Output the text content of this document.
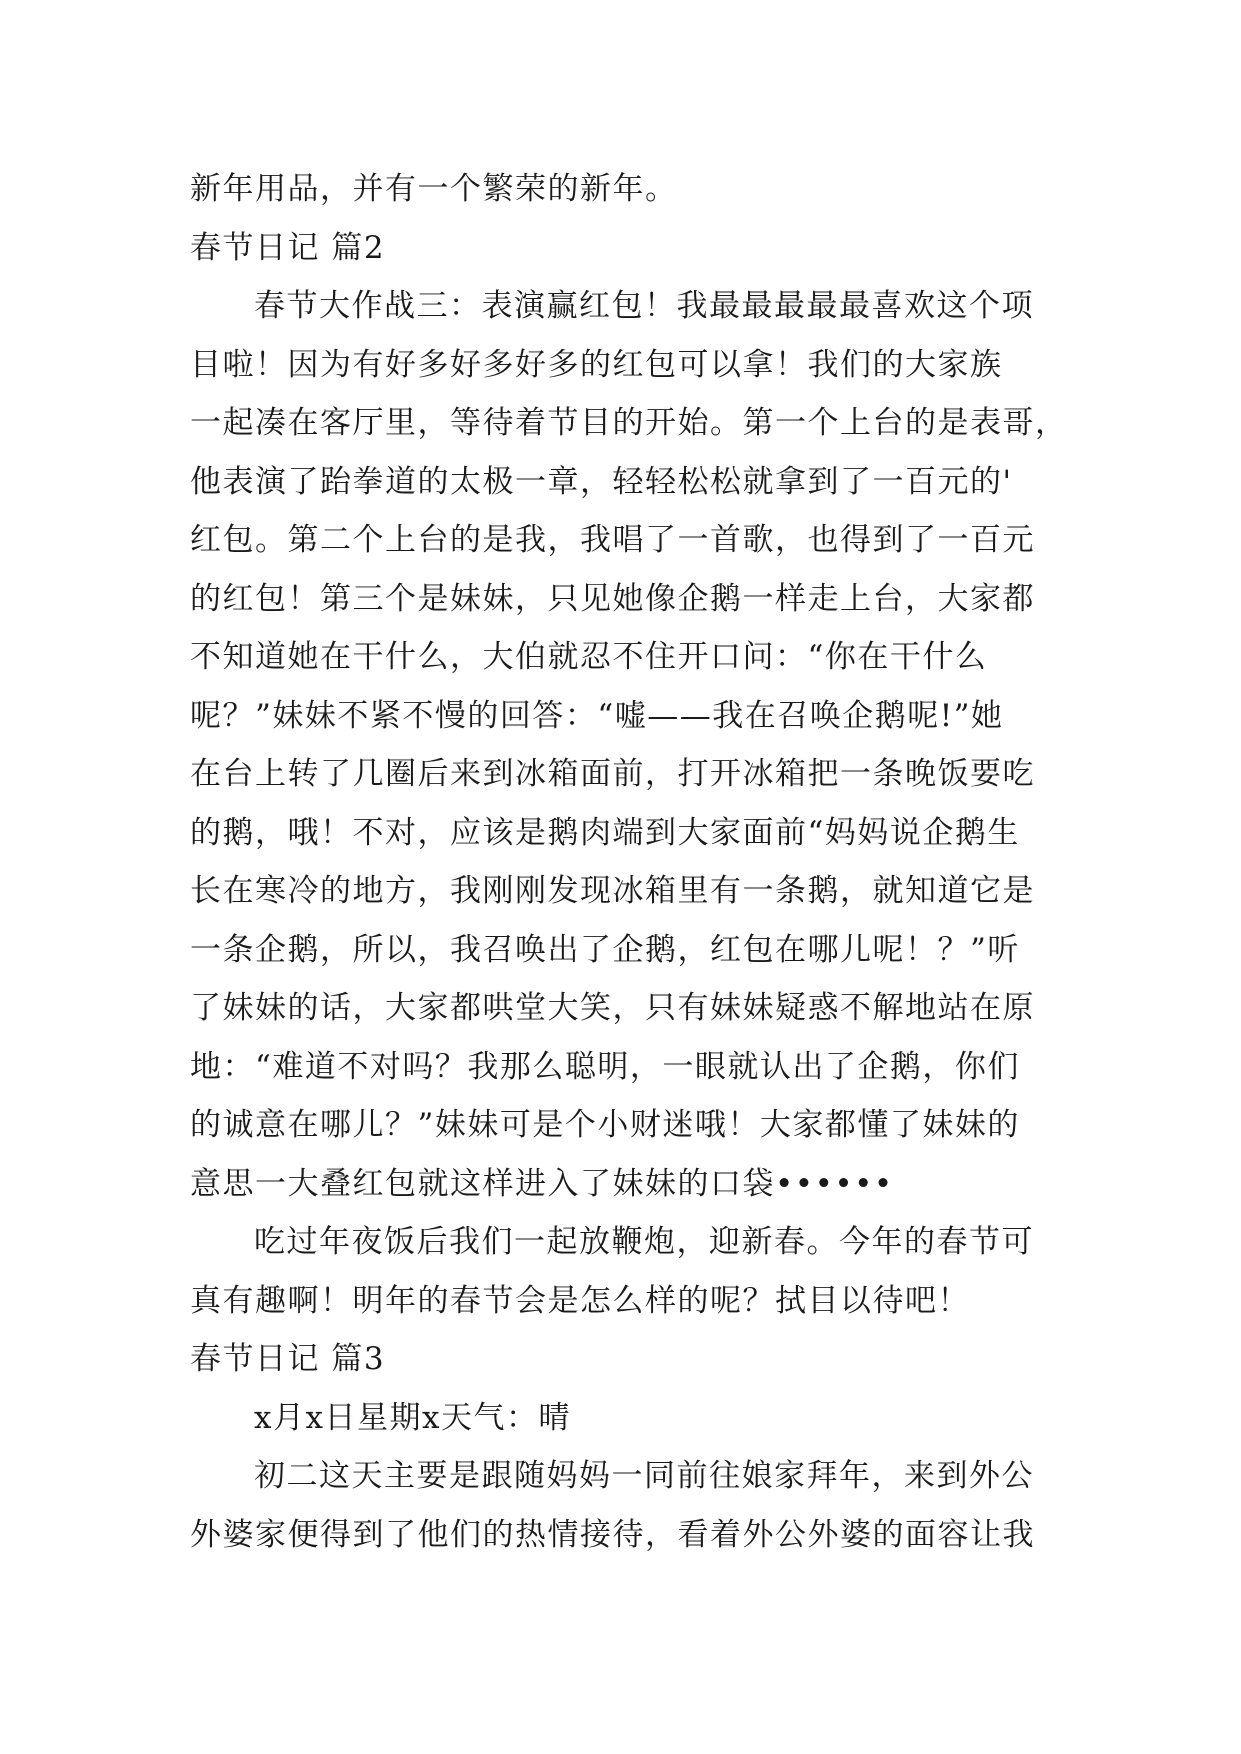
新年用品，并有一个繁荣的新年。
春节日记 篇2
春节大作战三：表演赢红包！我最最最最最喜欢这个项
目啦！因为有好多好多好多的红包可以拿！我们的大家族
一起凑在客厅里，等待着节目的开始。第一个上台的是表哥，
他表演了跆拳道的太极一章，轻轻松松就拿到了一百元的'
红包。第二个上台的是我，我唱了一首歌，也得到了一百元
的红包！第三个是妹妹，只见她像企鹅一样走上台，大家都
不知道她在干什么，大伯就忍不住开口问：“你在干什么
呢？”妹妹不紧不慢的回答：“嘘——我在召唤企鹅呢!”她
在台上转了几圈后来到冰箱面前，打开冰箱把一条晚饭要吃
的鹅，哦！不对，应该是鹅肉端到大家面前“妈妈说企鹅生
长在寒冷的地方，我刚刚发现冰箱里有一条鹅，就知道它是
一条企鹅，所以，我召唤出了企鹅，红包在哪儿呢！？”听
了妹妹的话，大家都哄堂大笑，只有妹妹疑惑不解地站在原
地：“难道不对吗？我那么聪明，一眼就认出了企鹅，你们
的诚意在哪儿？”妹妹可是个小财迷哦！大家都懂了妹妹的
意思一大叠红包就这样进入了妹妹的口袋••••••
吃过年夜饭后我们一起放鞭炮，迎新春。今年的春节可
真有趣啊！明年的春节会是怎么样的呢？拭目以待吧！
春节日记 篇3
x月x日星期x天气：晴
初二这天主要是跟随妈妈一同前往娘家拜年，来到外公
外婆家便得到了他们的热情接待，看着外公外婆的面容让我
